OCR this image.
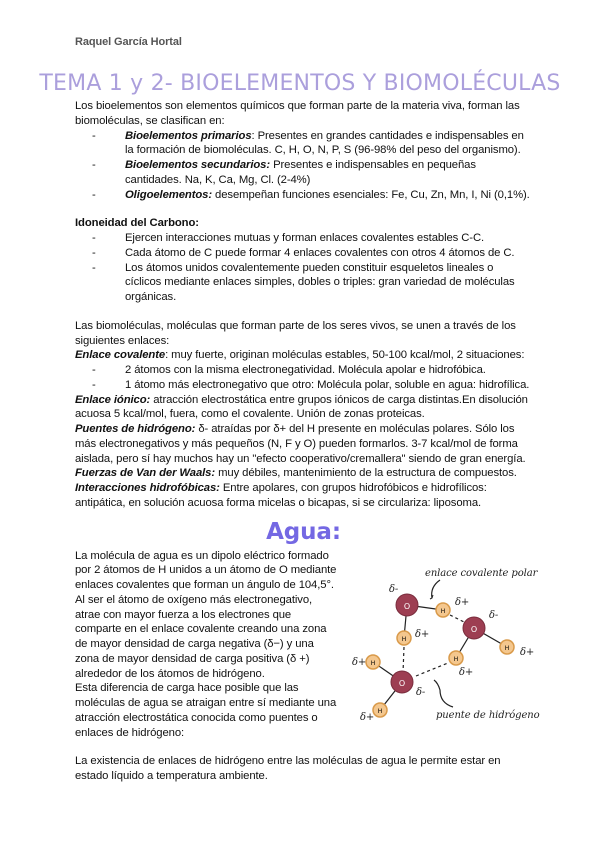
Raquel García Hortal
TEMA 1 y 2- BIOELEMENTOS Y BIOMOLÉCULAS

Los bioelementos son elementos químicos que forman parte de la materia viva, forman las biomoléculas, se clasifican en:

- Bioelementos primarios: Presentes en grandes cantidades e indispensables en la formación de biomoléculas. C, H, O, N, P, S (96-98% del peso del organismo).
- Bioelementos secundarios: Presentes e indispensables en pequeñas cantidades. Na, K, Ca, Mg, Cl. (2-4%)
- Oligoelementos: desempeñan funciones esenciales: Fe, Cu, Zn, Mn, I, Ni (0,1%).

Idoneidad del Carbono:

- Ejercen interacciones mutuas y forman enlaces covalentes estables C-C.
- Cada átomo de C puede formar 4 enlaces covalentes con otros 4 átomos de C.
- Los átomos unidos covalentemente pueden constituir esqueletos lineales o cíclicos mediante enlaces simples, dobles o triples: gran variedad de moléculas orgánicas.

Las biomoléculas, moléculas que forman parte de los seres vivos, se unen a través de los siguientes enlaces:

Enlace covalente: muy fuerte, originan moléculas estables, 50-100 kcal/mol, 2 situaciones:

- 2 átomos con la misma electronegatividad. Molécula apolar e hidrofóbica.
- 1 átomo más electronegativo que otro: Molécula polar, soluble en agua: hidrofílica.

Enlace iónico: atracción electrostática entre grupos iónicos de carga distintas.En disolución acuosa 5 kcal/mol, fuera, como el covalente. Unión de zonas proteicas.

Puentes de hidrógeno: δ- atraídas por δ+ del H presente en moléculas polares. Sólo los más electronegativos y más pequeños (N, F y O) pueden formarlos. 3-7 kcal/mol de forma aislada, pero sí hay muchos hay un "efecto cooperativo/cremallera" siendo de gran energía.

Fuerzas de Van der Waals: muy débiles, mantenimiento de la estructura de compuestos.

Interacciones hidrofóbicas: Entre apolares, con grupos hidrofóbicos e hidrofílicos: antipática, en solución acuosa forma micelas o bicapas, si se circulariza: liposoma.

Agua:

La molécula de agua es un dipolo eléctrico formado por 2 átomos de H unidos a un átomo de O mediante enlaces covalentes que forman un ángulo de 104,5°. Al ser el átomo de oxígeno más electronegativo, atrae con mayor fuerza a los electrones que comparte en el enlace covalente creando una zona de mayor densidad de carga negativa (δ−) y una zona de mayor densidad de carga positiva (δ +) alrededor de los átomos de hidrógeno.

Esta diferencia de carga hace posible que las moléculas de agua se atraigan entre sí mediante una atracción electrostática conocida como puentes o enlaces de hidrógeno:

O
O
O
H
H
H
H
H
H
δ-
δ+
δ-
δ+
δ+
δ+
δ+
δ-
δ+
enlace covalente polar
puente de hidrógeno
La existencia de enlaces de hidrógeno entre las moléculas de agua le permite estar en estado líquido a temperatura ambiente.
